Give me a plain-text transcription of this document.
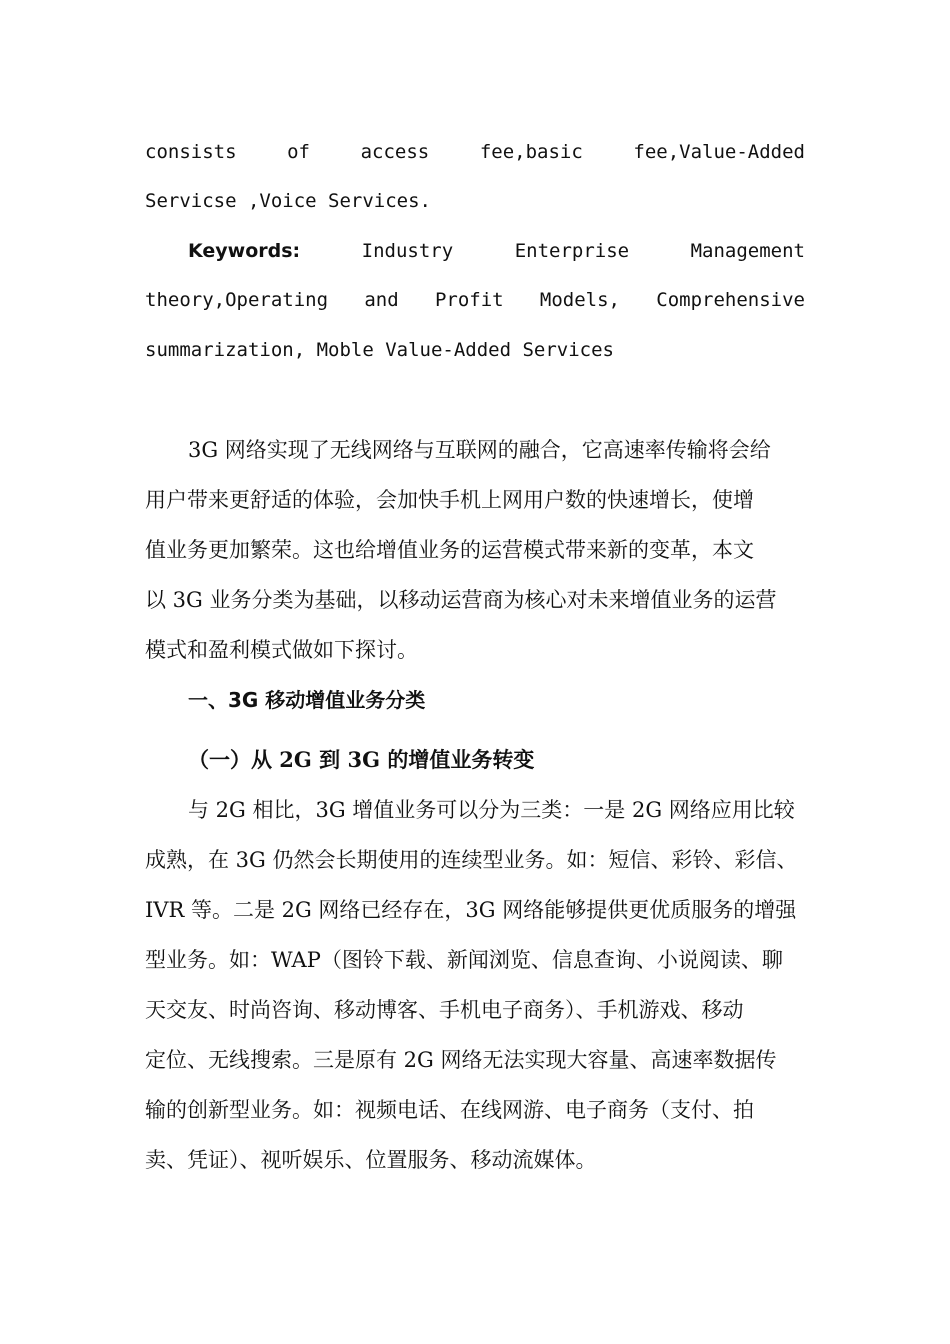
consists of access fee,basic fee,Value-Added
Servicse ,Voice Services.
Keywords:	Industry Enterprise Management
theory,Operating and Profit Models, Comprehensive
summarization, Moble Value-Added Services
3G 网络实现了无线网络与互联网的融合，它高速率传输将会给
用户带来更舒适的体验，会加快手机上网用户数的快速增长，使增
值业务更加繁荣。这也给增值业务的运营模式带来新的变革，本文
以 3G 业务分类为基础，以移动运营商为核心对未来增值业务的运营
模式和盈利模式做如下探讨。
一、3G 移动增值业务分类
（一）从 2G 到 3G 的增值业务转变
与 2G 相比，3G 增值业务可以分为三类：一是 2G 网络应用比较
成熟，在 3G 仍然会长期使用的连续型业务。如：短信、彩铃、彩信、
IVR 等。二是 2G 网络已经存在，3G 网络能够提供更优质服务的增强
型业务。如：WAP（图铃下载、新闻浏览、信息查询、小说阅读、聊
天交友、时尚咨询、移动博客、手机电子商务）、手机游戏、移动
定位、无线搜索。三是原有 2G 网络无法实现大容量、高速率数据传
输的创新型业务。如：视频电话、在线网游、电子商务（支付、拍
卖、凭证）、视听娱乐、位置服务、移动流媒体。
